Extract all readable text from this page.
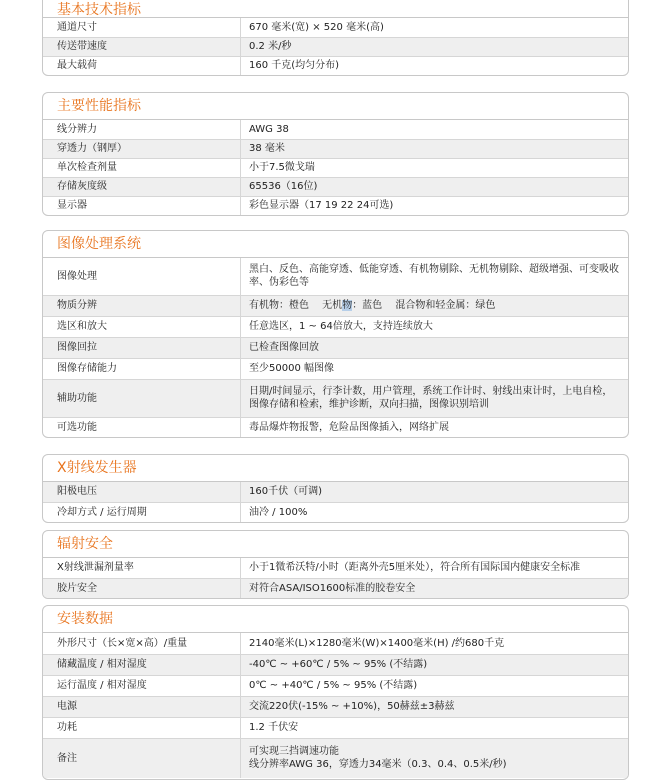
基本技术指标
通道尺寸	670 毫米(宽) × 520 毫米(高)
传送带速度	0.2 米/秒
最大载荷	160 千克(均匀分布)
主要性能指标
线分辨力	AWG 38
穿透力（钢厚）	38 毫米
单次检查剂量	小于7.5微戈瑞
存储灰度级	65536（16位)
显示器	彩色显示器（17 19 22 24可选)
图像处理系统
图像处理	黑白、反色、高能穿透、低能穿透、有机物剔除、无机物剔除、超级增强、可变吸收率、伪彩色等
物质分辨	有机物：橙色　 无机物：蓝色　 混合物和轻金属：绿色
选区和放大	任意选区，1 ~ 64倍放大，支持连续放大
图像回拉	已检查图像回放
图像存储能力	至少50000 幅图像
辅助功能	日期/时间显示，行李计数，用户管理，系统工作计时、射线出束计时，上电自检，图像存储和检索，维护诊断，双向扫描，图像识别培训
可选功能	毒品爆炸物报警，危险品图像插入，网络扩展
X射线发生器
阳极电压	160千伏（可调)
冷却方式 / 运行周期	油冷 / 100%
辐射安全
X射线泄漏剂量率	小于1微希沃特/小时（距离外壳5厘米处），符合所有国际国内健康安全标准
胶片安全	对符合ASA/ISO1600标准的胶卷安全
安装数据
外形尺寸（长×宽×高）/重量	2140毫米(L)×1280毫米(W)×1400毫米(H) /约680千克
储藏温度 / 相对湿度	-40℃ ~ +60℃ / 5% ~ 95% (不结露)
运行温度 / 相对湿度	0℃ ~ +40℃ / 5% ~ 95% (不结露)
电源	交流220伏(-15% ~ +10%)，50赫兹±3赫兹
功耗	1.2 千伏安
备注	可实现三挡调速功能
线分辨率AWG 36，穿透力34毫米（0.3、0.4、0.5米/秒)
